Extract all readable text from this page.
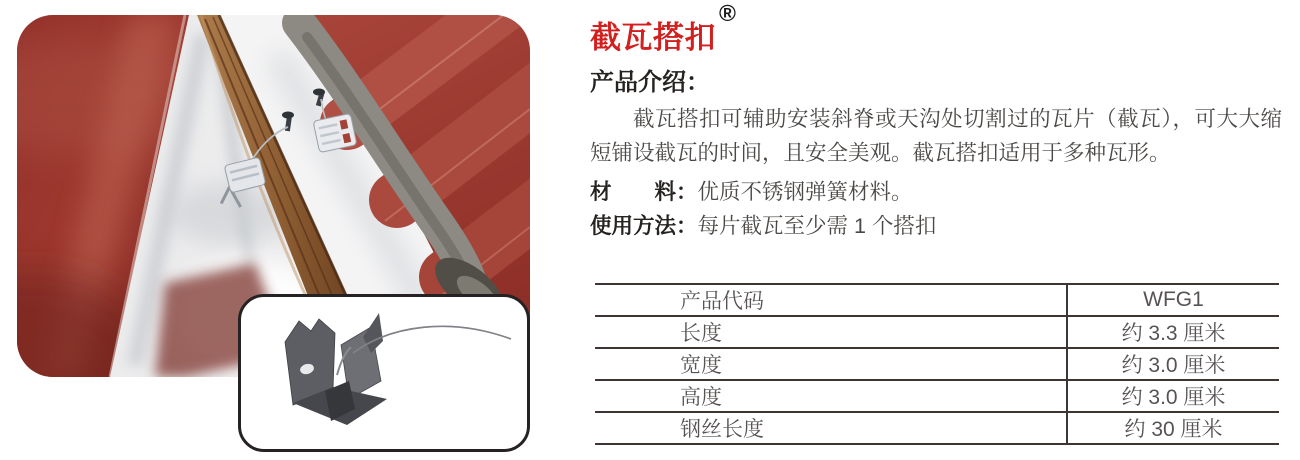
截瓦搭扣®
产品介绍：

截瓦搭扣可辅助安装斜脊或天沟处切割过的瓦片（截瓦），可大大缩短铺设截瓦的时间，且安全美观。截瓦搭扣适用于多种瓦形。

材　　料：优质不锈钢弹簧材料。

使用方法：每片截瓦至少需 1 个搭扣

产品代码	WFG1
长度	约 3.3 厘米
宽度	约 3.0 厘米
高度	约 3.0 厘米
钢丝长度	约 30 厘米
